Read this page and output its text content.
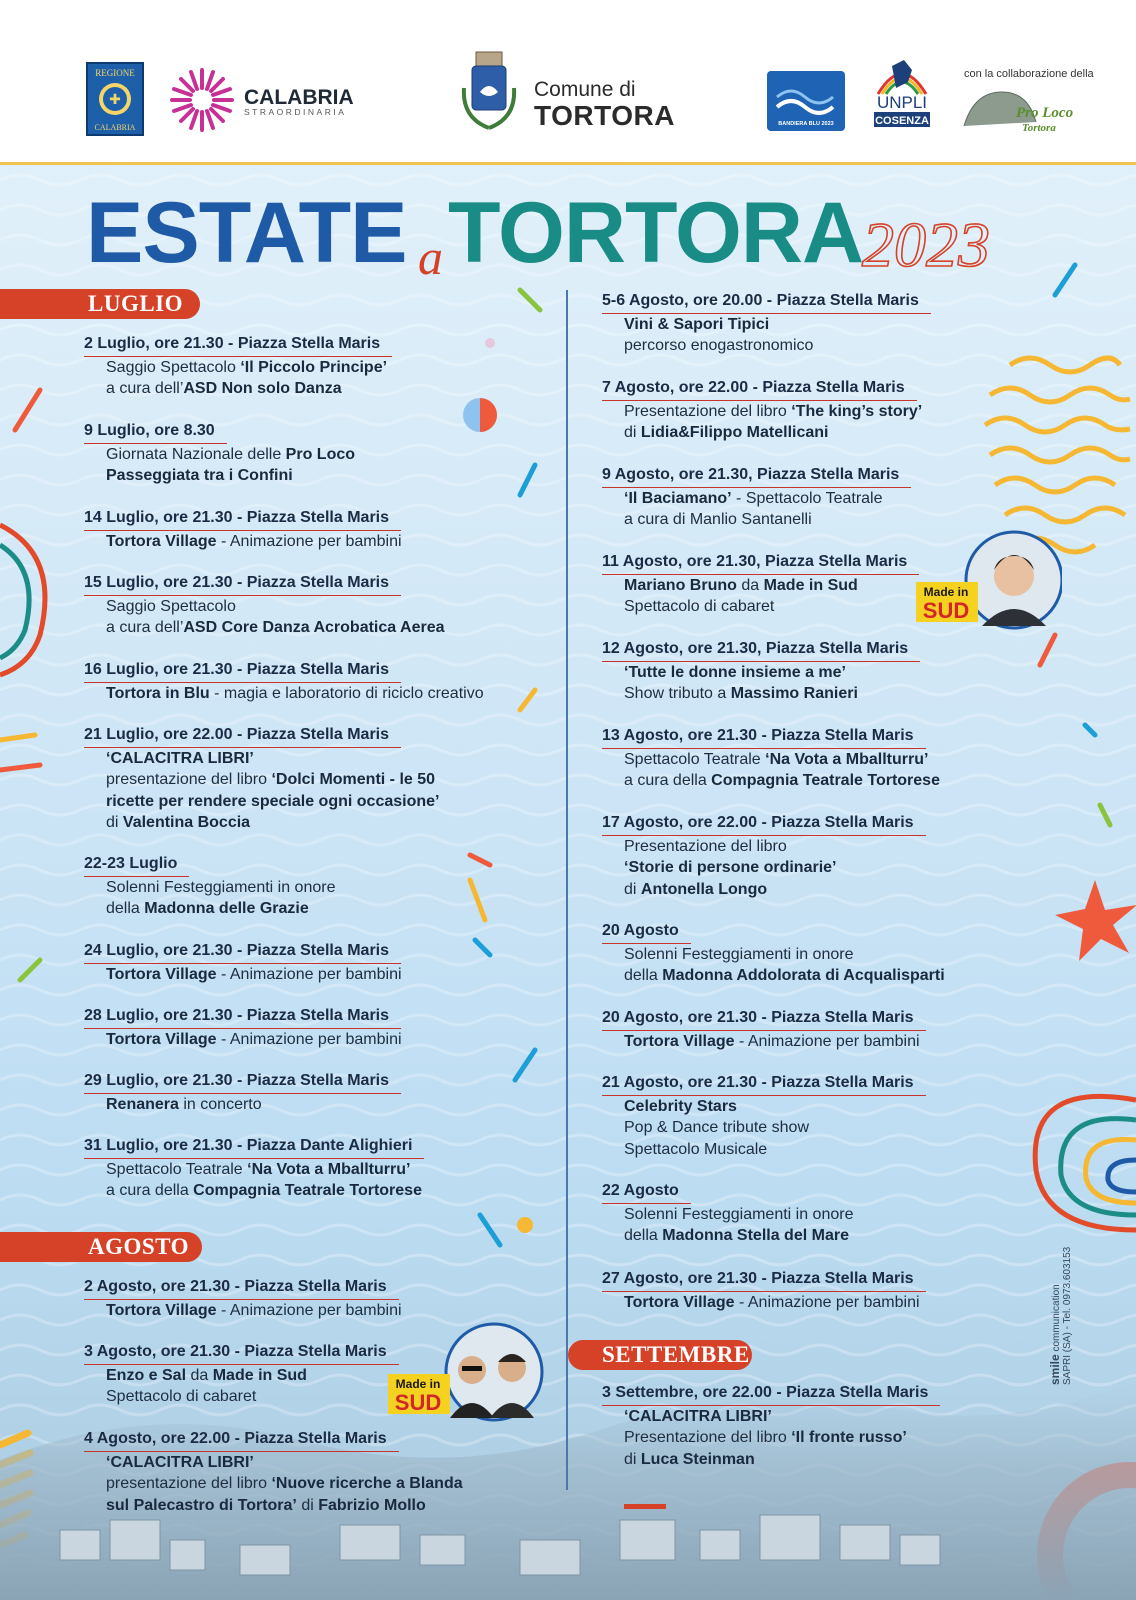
REGIONE
✚
CALABRIA
CALABRIA
STRAORDINARIA
Comune di
TORTORA	BANDIERA BLU 2023
UNPLI
COSENZA
con la collaborazione della
Pro Loco
Tortora
ESTATE a TORTORA
2023
LUGLIO
AGOSTO
SETTEMBRE
2 Luglio, ore 21.30 - Piazza Stella Maris
Saggio Spettacolo ‘Il Piccolo Principe’
a cura dell’ASD Non solo Danza
9 Luglio, ore 8.30
Giornata Nazionale delle Pro Loco
Passeggiata tra i Confini
14 Luglio, ore 21.30 - Piazza Stella Maris
Tortora Village - Animazione per bambini
15 Luglio, ore 21.30 - Piazza Stella Maris
Saggio Spettacolo
a cura dell’ASD Core Danza Acrobatica Aerea
16 Luglio, ore 21.30 - Piazza Stella Maris
Tortora in Blu - magia e laboratorio di riciclo creativo
21 Luglio, ore 22.00 - Piazza Stella Maris
‘CALACITRA LIBRI’
presentazione del libro ‘Dolci Momenti - le 50
ricette per rendere speciale ogni occasione’
di Valentina Boccia
22-23 Luglio
Solenni Festeggiamenti in onore
della Madonna delle Grazie
24 Luglio, ore 21.30 - Piazza Stella Maris
Tortora Village - Animazione per bambini
28 Luglio, ore 21.30 - Piazza Stella Maris
Tortora Village - Animazione per bambini
29 Luglio, ore 21.30 - Piazza Stella Maris
Renanera in concerto
31 Luglio, ore 21.30 - Piazza Dante Alighieri
Spettacolo Teatrale ‘Na Vota a Mballturru’
a cura della Compagnia Teatrale Tortorese
2 Agosto, ore 21.30 - Piazza Stella Maris
Tortora Village - Animazione per bambini
3 Agosto, ore 21.30 - Piazza Stella Maris
Enzo e Sal da Made in Sud
Spettacolo di cabaret
4 Agosto, ore 22.00 - Piazza Stella Maris
‘CALACITRA LIBRI’
presentazione del libro ‘Nuove ricerche a Blanda
sul Palecastro di Tortora’ di Fabrizio Mollo
5-6 Agosto, ore 20.00 - Piazza Stella Maris
Vini & Sapori Tipici
percorso enogastronomico
7 Agosto, ore 22.00 - Piazza Stella Maris
Presentazione del libro ‘The king’s story’
di Lidia&Filippo Matellicani
9 Agosto, ore 21.30, Piazza Stella Maris
‘Il Baciamano’ - Spettacolo Teatrale
a cura di Manlio Santanelli
11 Agosto, ore 21.30, Piazza Stella Maris
Mariano Bruno da Made in Sud
Spettacolo di cabaret
12 Agosto, ore 21.30, Piazza Stella Maris
‘Tutte le donne insieme a me’
Show tributo a Massimo Ranieri
13 Agosto, ore 21.30 - Piazza Stella Maris
Spettacolo Teatrale ‘Na Vota a Mballturru’
a cura della Compagnia Teatrale Tortorese
17 Agosto, ore 22.00 - Piazza Stella Maris
Presentazione del libro
‘Storie di persone ordinarie’
di Antonella Longo
20 Agosto
Solenni Festeggiamenti in onore
della Madonna Addolorata di Acqualisparti
20 Agosto, ore 21.30 - Piazza Stella Maris
Tortora Village - Animazione per bambini
21 Agosto, ore 21.30 - Piazza Stella Maris
Celebrity Stars
Pop & Dance tribute show
Spettacolo Musicale
22 Agosto
Solenni Festeggiamenti in onore
della Madonna Stella del Mare
27 Agosto, ore 21.30 - Piazza Stella Maris
Tortora Village - Animazione per bambini
3 Settembre, ore 22.00 - Piazza Stella Maris
‘CALACITRA LIBRI’
Presentazione del libro ‘Il fronte russo’
di Luca Steinman
Made in
SUD
Made in
SUD
smile communication SAPRI (SA) - Tel. 0973.603153
